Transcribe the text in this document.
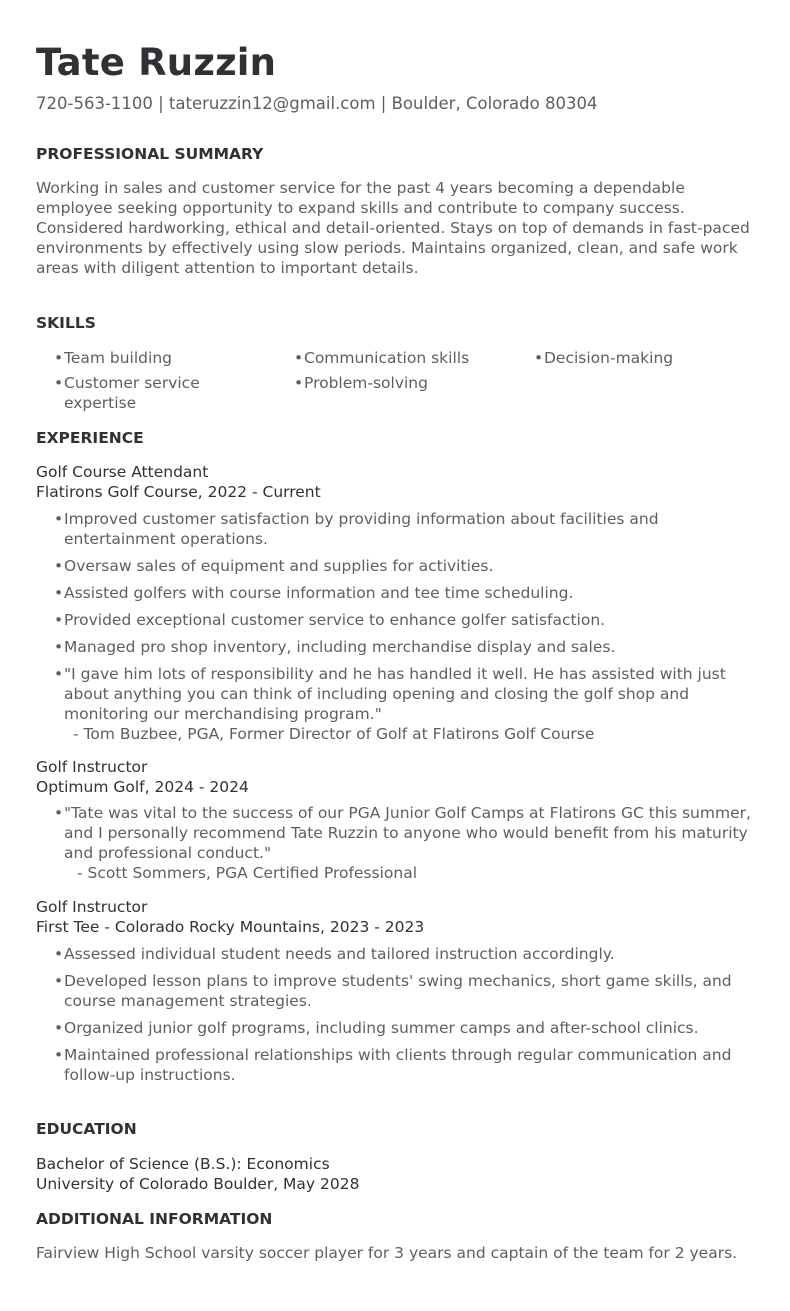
Tate Ruzzin
720-563-1100 | tateruzzin12@gmail.com | Boulder, Colorado 80304
PROFESSIONAL SUMMARY

Working in sales and customer service for the past 4 years becoming a dependable employee seeking opportunity to expand skills and contribute to company success. Considered hardworking, ethical and detail-oriented. Stays on top of demands in fast-paced environments by effectively using slow periods. Maintains organized, clean, and safe work areas with diligent attention to important details.

SKILLS
• Team building	• Communication skills	• Decision-making
• Customer service expertise
• Problem-solving
EXPERIENCE
Golf Course Attendant
Flatirons Golf Course, 2022 - Current
• Improved customer satisfaction by providing information about facilities and entertainment operations.
• Oversaw sales of equipment and supplies for activities.
• Assisted golfers with course information and tee time scheduling.
• Provided exceptional customer service to enhance golfer satisfaction.
• Managed pro shop inventory, including merchandise display and sales.
• "I gave him lots of responsibility and he has handled it well. He has assisted with just about anything you can think of including opening and closing the golf shop and monitoring our merchandising program."
- Tom Buzbee, PGA, Former Director of Golf at Flatirons Golf Course
Golf Instructor
Optimum Golf, 2024 - 2024
• "Tate was vital to the success of our PGA Junior Golf Camps at Flatirons GC this summer, and I personally recommend Tate Ruzzin to anyone who would benefit from his maturity and professional conduct."
- Scott Sommers, PGA Certified Professional
Golf Instructor
First Tee - Colorado Rocky Mountains, 2023 - 2023
• Assessed individual student needs and tailored instruction accordingly.
• Developed lesson plans to improve students' swing mechanics, short game skills, and course management strategies.
• Organized junior golf programs, including summer camps and after-school clinics.
• Maintained professional relationships with clients through regular communication and follow-up instructions.
EDUCATION
Bachelor of Science (B.S.): Economics
University of Colorado Boulder, May 2028
ADDITIONAL INFORMATION

Fairview High School varsity soccer player for 3 years and captain of the team for 2 years.
